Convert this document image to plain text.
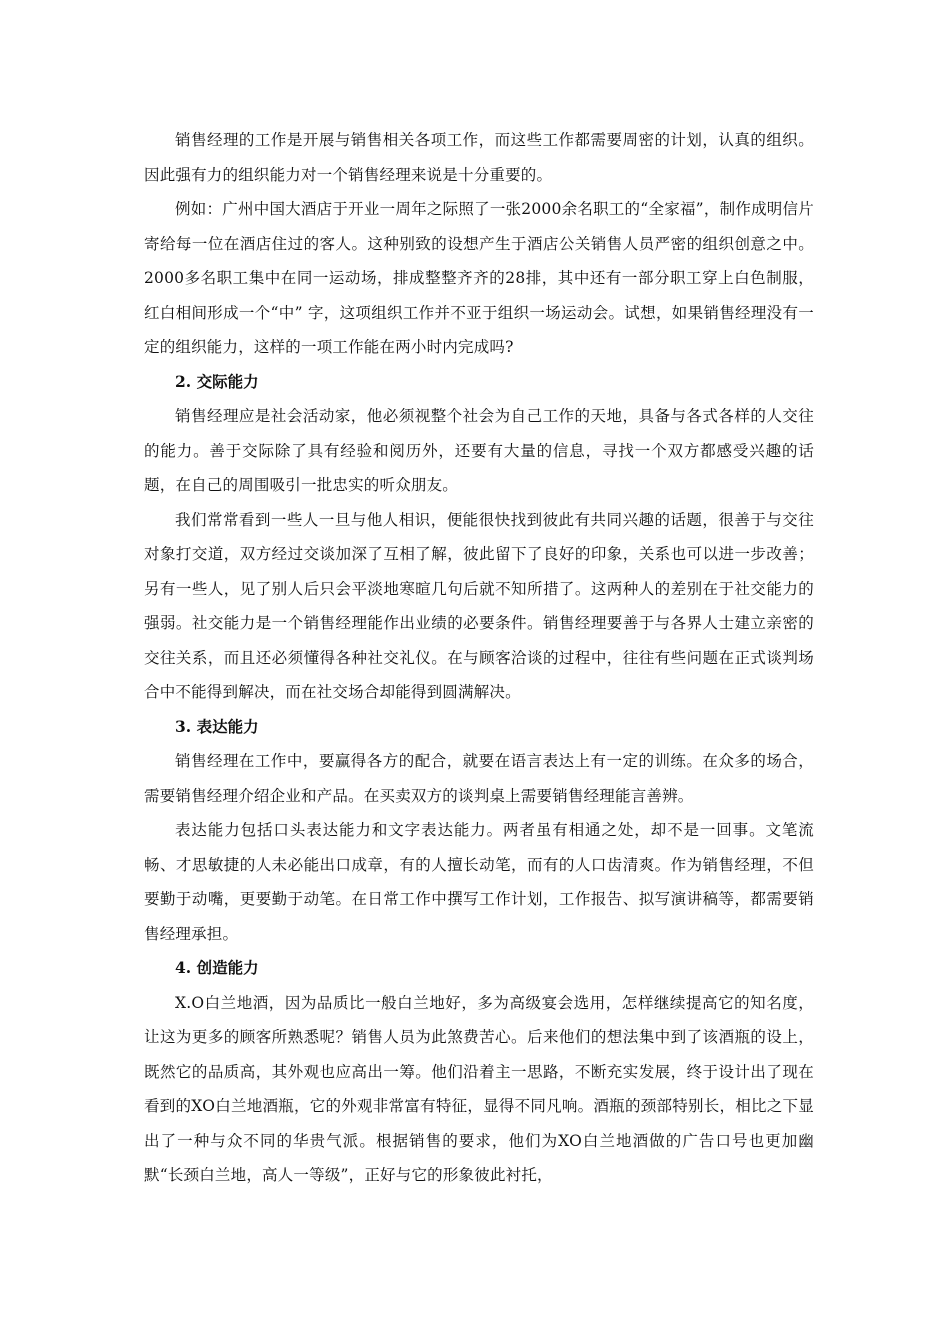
销售经理的工作是开展与销售相关各项工作，而这些工作都需要周密的计划，认真的组织。因此强有力的组织能力对一个销售经理来说是十分重要的。

例如：广州中国大酒店于开业一周年之际照了一张2000余名职工的“全家福”，制作成明信片寄给每一位在酒店住过的客人。这种别致的设想产生于酒店公关销售人员严密的组织创意之中。2000多名职工集中在同一运动场，排成整整齐齐的28排，其中还有一部分职工穿上白色制服，红白相间形成一个“中” 字，这项组织工作并不亚于组织一场运动会。试想，如果销售经理没有一定的组织能力，这样的一项工作能在两小时内完成吗?

2. 交际能力

销售经理应是社会活动家，他必须视整个社会为自己工作的天地，具备与各式各样的人交往的能力。善于交际除了具有经验和阅历外，还要有大量的信息，寻找一个双方都感受兴趣的话题，在自己的周围吸引一批忠实的听众朋友。

我们常常看到一些人一旦与他人相识，便能很快找到彼此有共同兴趣的话题，很善于与交往对象打交道，双方经过交谈加深了互相了解，彼此留下了良好的印象，关系也可以进一步改善；另有一些人，见了别人后只会平淡地寒暄几句后就不知所措了。这两种人的差别在于社交能力的强弱。社交能力是一个销售经理能作出业绩的必要条件。销售经理要善于与各界人士建立亲密的交往关系，而且还必须懂得各种社交礼仪。在与顾客洽谈的过程中，往往有些问题在正式谈判场合中不能得到解决，而在社交场合却能得到圆满解决。

3. 表达能力

销售经理在工作中，要赢得各方的配合，就要在语言表达上有一定的训练。在众多的场合，需要销售经理介绍企业和产品。在买卖双方的谈判桌上需要销售经理能言善辨。

表达能力包括口头表达能力和文字表达能力。两者虽有相通之处，却不是一回事。文笔流畅、才思敏捷的人未必能出口成章，有的人擅长动笔，而有的人口齿清爽。作为销售经理，不但要勤于动嘴，更要勤于动笔。在日常工作中撰写工作计划，工作报告、拟写演讲稿等，都需要销售经理承担。

4. 创造能力

X.O白兰地酒，因为品质比一般白兰地好，多为高级宴会选用，怎样继续提高它的知名度，让这为更多的顾客所熟悉呢？销售人员为此煞费苦心。后来他们的想法集中到了该酒瓶的设上，既然它的品质高，其外观也应高出一筹。他们沿着主一思路，不断充实发展，终于设计出了现在看到的XO白兰地酒瓶，它的外观非常富有特征，显得不同凡响。酒瓶的颈部特别长，相比之下显出了一种与众不同的华贵气派。根据销售的要求，他们为XO白兰地酒做的广告口号也更加幽默“长颈白兰地，高人一等级”，正好与它的形象彼此衬托，
